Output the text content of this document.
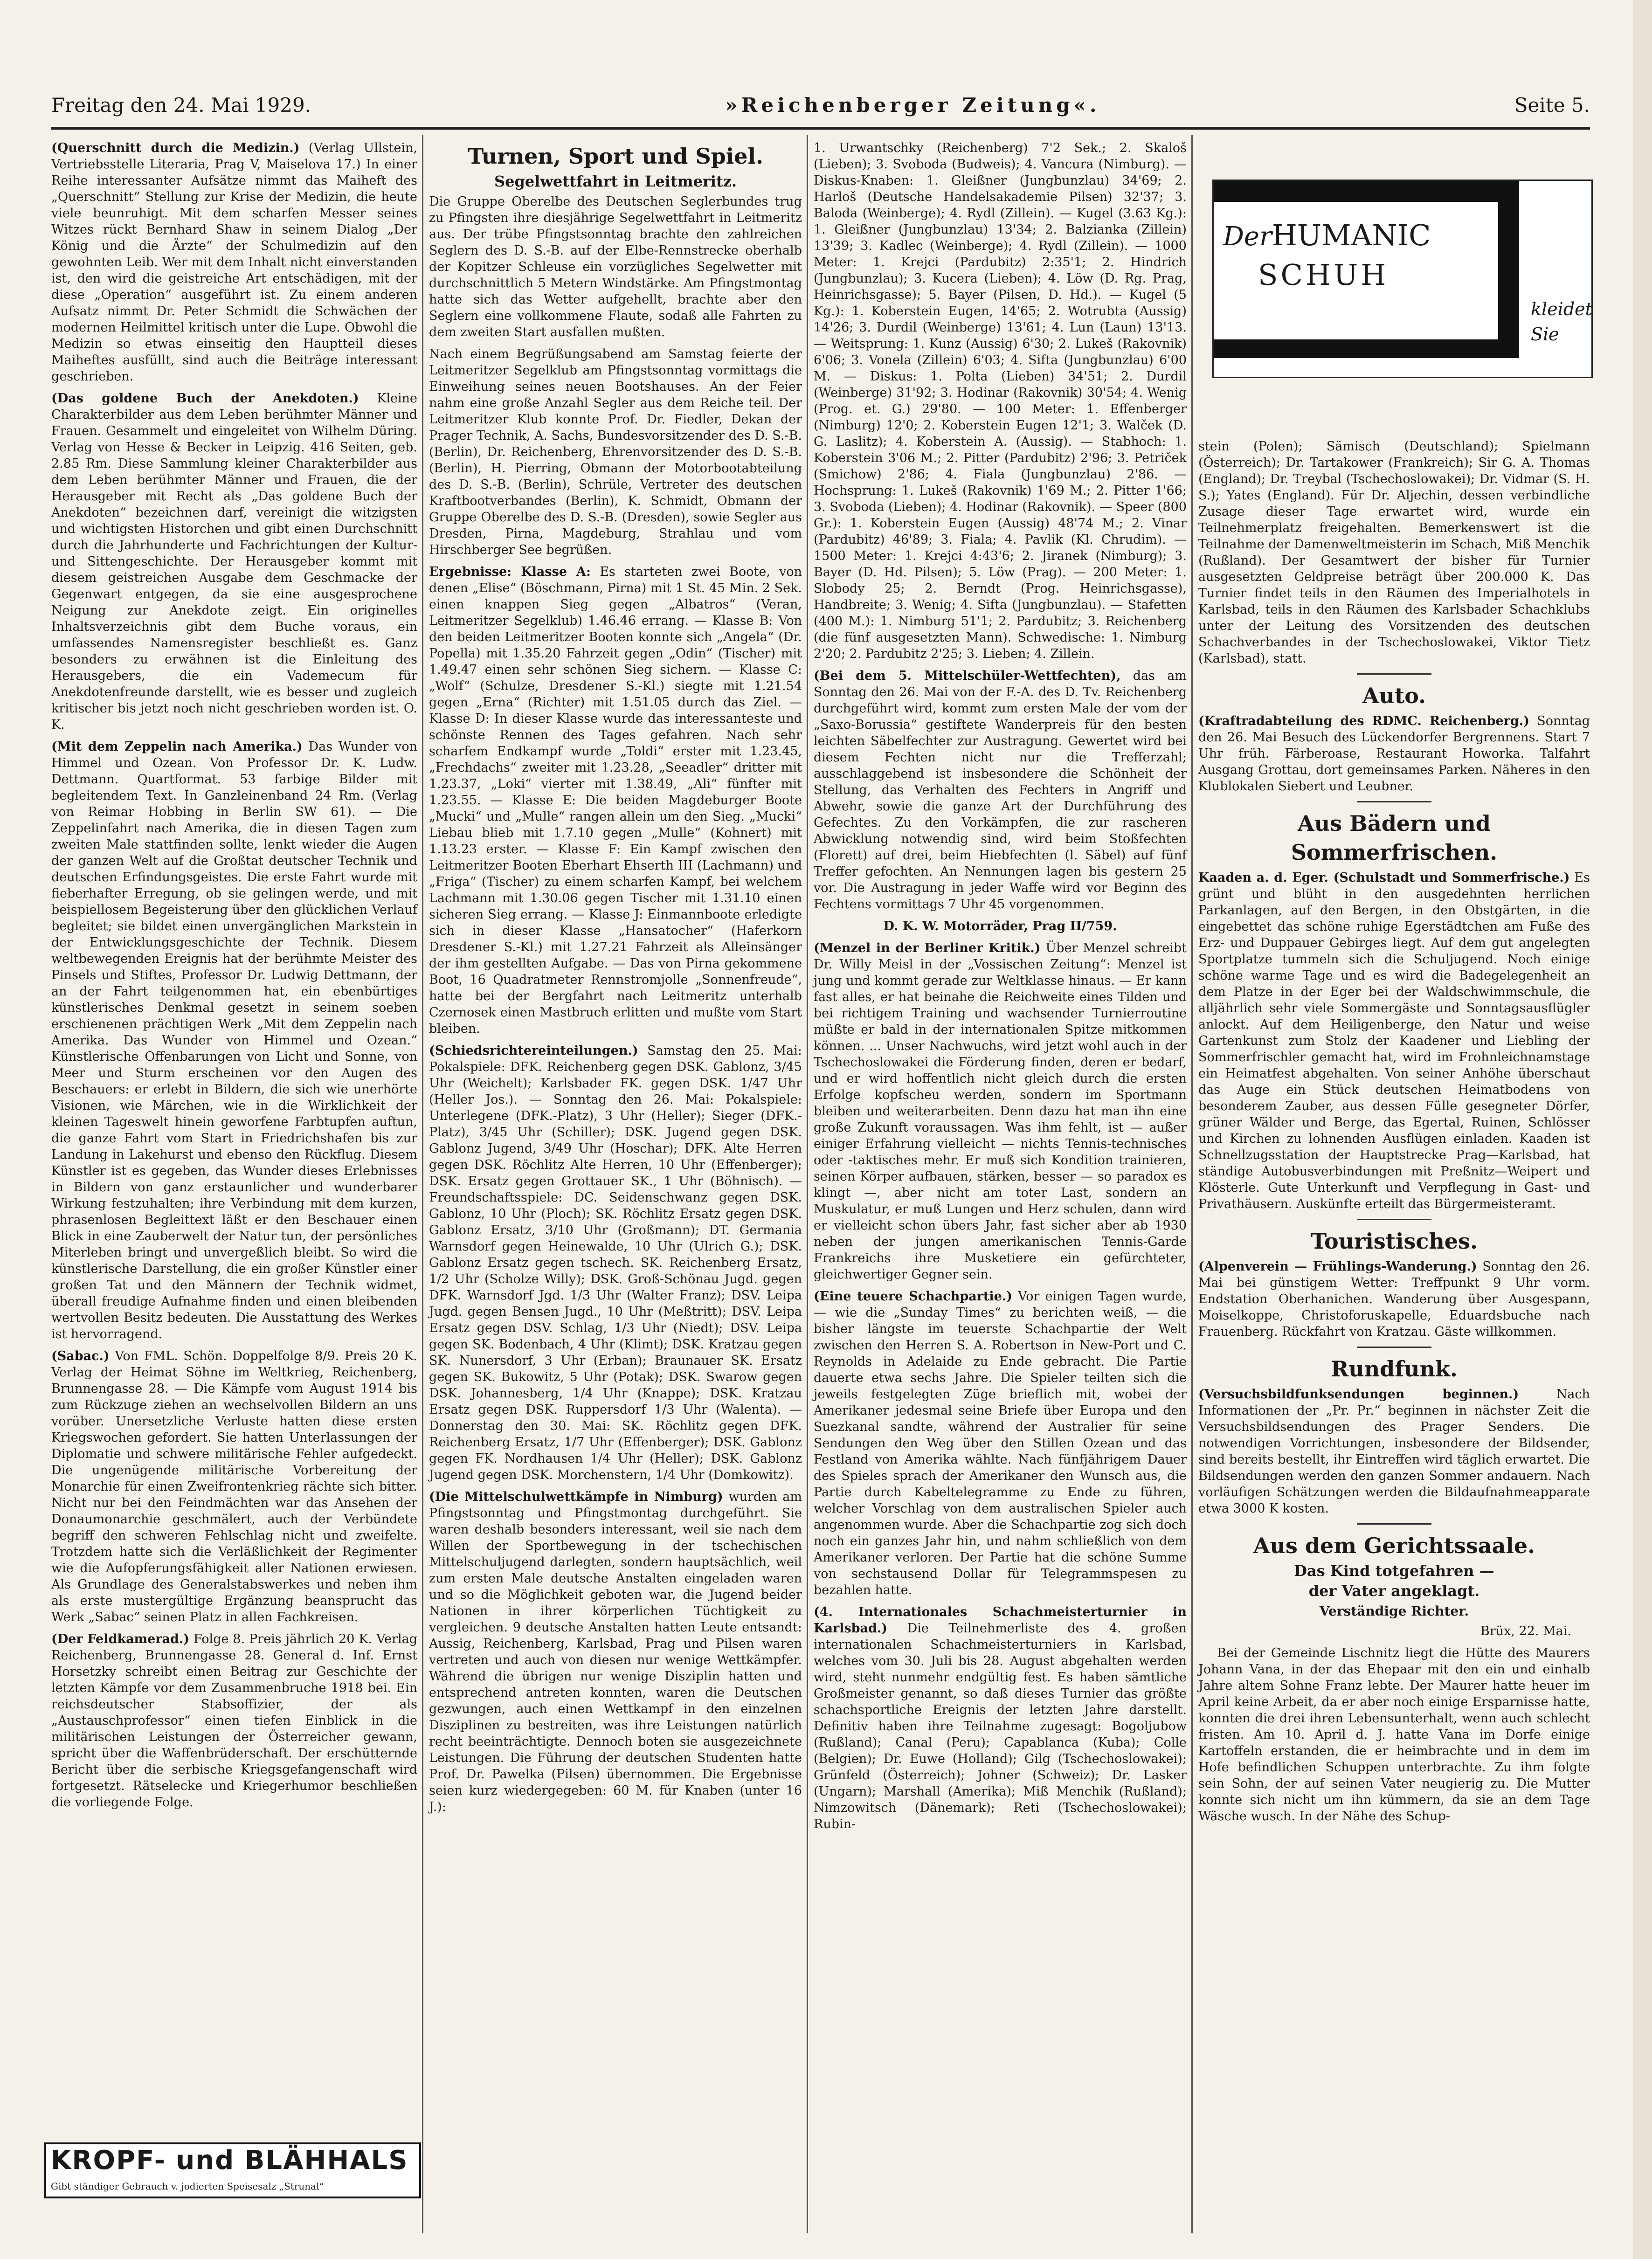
Freitag den 24. Mai 1929.	»Reichenberger Zeitung«.	Seite 5.
(Querschnitt durch die Medizin.) (Verlag Ullstein, Vertriebsstelle Literaria, Prag V, Maiselova 17.) In einer Reihe interessanter Aufsätze nimmt das Maiheft des „Querschnitt“ Stellung zur Krise der Medizin, die heute viele beunruhigt. Mit dem scharfen Messer seines Witzes rückt Bernhard Shaw in seinem Dialog „Der König und die Ärzte“ der Schulmedizin auf den gewohnten Leib. Wer mit dem Inhalt nicht einverstanden ist, den wird die geistreiche Art entschädigen, mit der diese „Operation“ ausgeführt ist. Zu einem anderen Aufsatz nimmt Dr. Peter Schmidt die Schwächen der modernen Heilmittel kritisch unter die Lupe. Obwohl die Medizin so etwas einseitig den Hauptteil dieses Maiheftes ausfüllt, sind auch die Beiträge interessant geschrieben.
(Das goldene Buch der Anekdoten.) Kleine Charakterbilder aus dem Leben berühmter Männer und Frauen. Gesammelt und eingeleitet von Wilhelm Düring. Verlag von Hesse & Becker in Leipzig. 416 Seiten, geb. 2.85 Rm. Diese Sammlung kleiner Charakterbilder aus dem Leben berühmter Männer und Frauen, die der Herausgeber mit Recht als „Das goldene Buch der Anekdoten“ bezeichnen darf, vereinigt die witzigsten und wichtigsten Historchen und gibt einen Durchschnitt durch die Jahrhunderte und Fachrichtungen der Kultur- und Sittengeschichte. Der Herausgeber kommt mit diesem geistreichen Ausgabe dem Geschmacke der Gegenwart entgegen, da sie eine ausgesprochene Neigung zur Anekdote zeigt. Ein originelles Inhaltsverzeichnis gibt dem Buche voraus, ein umfassendes Namensregister beschließt es. Ganz besonders zu erwähnen ist die Einleitung des Herausgebers, die ein Vademecum für Anekdotenfreunde darstellt, wie es besser und zugleich kritischer bis jetzt noch nicht geschrieben worden ist. O. K.
(Mit dem Zeppelin nach Amerika.) Das Wunder von Himmel und Ozean. Von Professor Dr. K. Ludw. Dettmann. Quartformat. 53 farbige Bilder mit begleitendem Text. In Ganzleinenband 24 Rm. (Verlag von Reimar Hobbing in Berlin SW 61). — Die Zeppelinfahrt nach Amerika, die in diesen Tagen zum zweiten Male stattfinden sollte, lenkt wieder die Augen der ganzen Welt auf die Großtat deutscher Technik und deutschen Erfindungsgeistes. Die erste Fahrt wurde mit fieberhafter Erregung, ob sie gelingen werde, und mit beispiellosem Begeisterung über den glücklichen Verlauf begleitet; sie bildet einen unvergänglichen Markstein in der Entwicklungsgeschichte der Technik. Diesem weltbewegenden Ereignis hat der berühmte Meister des Pinsels und Stiftes, Professor Dr. Ludwig Dettmann, der an der Fahrt teilgenommen hat, ein ebenbürtiges künstlerisches Denkmal gesetzt in seinem soeben erschienenen prächtigen Werk „Mit dem Zeppelin nach Amerika. Das Wunder von Himmel und Ozean.“ Künstlerische Offenbarungen von Licht und Sonne, von Meer und Sturm erscheinen vor den Augen des Beschauers: er erlebt in Bildern, die sich wie unerhörte Visionen, wie Märchen, wie in die Wirklichkeit der kleinen Tageswelt hinein geworfene Farbtupfen auftun, die ganze Fahrt vom Start in Friedrichshafen bis zur Landung in Lakehurst und ebenso den Rückflug. Diesem Künstler ist es gegeben, das Wunder dieses Erlebnisses in Bildern von ganz erstaunlicher und wunderbarer Wirkung festzuhalten; ihre Verbindung mit dem kurzen, phrasenlosen Begleittext läßt er den Beschauer einen Blick in eine Zauberwelt der Natur tun, der persönliches Miterleben bringt und unvergeßlich bleibt. So wird die künstlerische Darstellung, die ein großer Künstler einer großen Tat und den Männern der Technik widmet, überall freudige Aufnahme finden und einen bleibenden wertvollen Besitz bedeuten. Die Ausstattung des Werkes ist hervorragend.
(Sabac.) Von FML. Schön. Doppelfolge 8/9. Preis 20 K. Verlag der Heimat Söhne im Weltkrieg, Reichenberg, Brunnengasse 28. — Die Kämpfe vom August 1914 bis zum Rückzuge ziehen an wechselvollen Bildern an uns vorüber. Unersetzliche Verluste hatten diese ersten Kriegswochen gefordert. Sie hatten Unterlassungen der Diplomatie und schwere militärische Fehler aufgedeckt. Die ungenügende militärische Vorbereitung der Monarchie für einen Zweifrontenkrieg rächte sich bitter. Nicht nur bei den Feindmächten war das Ansehen der Donaumonarchie geschmälert, auch der Verbündete begriff den schweren Fehlschlag nicht und zweifelte. Trotzdem hatte sich die Verläßlichkeit der Regimenter wie die Aufopferungsfähigkeit aller Nationen erwiesen. Als Grundlage des Generalstabswerkes und neben ihm als erste mustergültige Ergänzung beansprucht das Werk „Sabac“ seinen Platz in allen Fachkreisen.
(Der Feldkamerad.) Folge 8. Preis jährlich 20 K. Verlag Reichenberg, Brunnengasse 28. General d. Inf. Ernst Horsetzky schreibt einen Beitrag zur Geschichte der letzten Kämpfe vor dem Zusammenbruche 1918 bei. Ein reichsdeutscher Stabsoffizier, der als „Austauschprofessor“ einen tiefen Einblick in die militärischen Leistungen der Österreicher gewann, spricht über die Waffenbrüderschaft. Der erschütternde Bericht über die serbische Kriegsgefangenschaft wird fortgesetzt. Rätselecke und Kriegerhumor beschließen die vorliegende Folge.
Turnen, Sport und Spiel.
Segelwettfahrt in Leitmeritz.
Die Gruppe Oberelbe des Deutschen Seglerbundes trug zu Pfingsten ihre diesjährige Segelwettfahrt in Leitmeritz aus. Der trübe Pfingstsonntag brachte den zahlreichen Seglern des D. S.-B. auf der Elbe-Rennstrecke oberhalb der Kopitzer Schleuse ein vorzügliches Segelwetter mit durchschnittlich 5 Metern Windstärke. Am Pfingstmontag hatte sich das Wetter aufgehellt, brachte aber den Seglern eine vollkommene Flaute, sodaß alle Fahrten zu dem zweiten Start ausfallen mußten.
Nach einem Begrüßungsabend am Samstag feierte der Leitmeritzer Segelklub am Pfingstsonntag vormittags die Einweihung seines neuen Bootshauses. An der Feier nahm eine große Anzahl Segler aus dem Reiche teil. Der Leitmeritzer Klub konnte Prof. Dr. Fiedler, Dekan der Prager Technik, A. Sachs, Bundesvorsitzender des D. S.-B. (Berlin), Dr. Reichenberg, Ehrenvorsitzender des D. S.-B. (Berlin), H. Pierring, Obmann der Motorbootabteilung des D. S.-B. (Berlin), Schrüle, Vertreter des deutschen Kraftbootverbandes (Berlin), K. Schmidt, Obmann der Gruppe Oberelbe des D. S.-B. (Dresden), sowie Segler aus Dresden, Pirna, Magdeburg, Strahlau und vom Hirschberger See begrüßen.
Ergebnisse: Klasse A: Es starteten zwei Boote, von denen „Elise“ (Böschmann, Pirna) mit 1 St. 45 Min. 2 Sek. einen knappen Sieg gegen „Albatros“ (Veran, Leitmeritzer Segelklub) 1.46.46 errang. — Klasse B: Von den beiden Leitmeritzer Booten konnte sich „Angela“ (Dr. Popella) mit 1.35.20 Fahrzeit gegen „Odin“ (Tischer) mit 1.49.47 einen sehr schönen Sieg sichern. — Klasse C: „Wolf“ (Schulze, Dresdener S.-Kl.) siegte mit 1.21.54 gegen „Erna“ (Richter) mit 1.51.05 durch das Ziel. — Klasse D: In dieser Klasse wurde das interessanteste und schönste Rennen des Tages gefahren. Nach sehr scharfem Endkampf wurde „Toldi“ erster mit 1.23.45, „Frechdachs“ zweiter mit 1.23.28, „Seeadler“ dritter mit 1.23.37, „Loki“ vierter mit 1.38.49, „Ali“ fünfter mit 1.23.55. — Klasse E: Die beiden Magdeburger Boote „Mucki“ und „Mulle“ rangen allein um den Sieg. „Mucki“ Liebau blieb mit 1.7.10 gegen „Mulle“ (Kohnert) mit 1.13.23 erster. — Klasse F: Ein Kampf zwischen den Leitmeritzer Booten Eberhart Ehserth III (Lachmann) und „Friga“ (Tischer) zu einem scharfen Kampf, bei welchem Lachmann mit 1.30.06 gegen Tischer mit 1.31.10 einen sicheren Sieg errang. — Klasse J: Einmannboote erledigte sich in dieser Klasse „Hansatocher“ (Haferkorn Dresdener S.-Kl.) mit 1.27.21 Fahrzeit als Alleinsänger der ihm gestellten Aufgabe. — Das von Pirna gekommene Boot, 16 Quadratmeter Rennstromjolle „Sonnenfreude“, hatte bei der Bergfahrt nach Leitmeritz unterhalb Czernosek einen Mastbruch erlitten und mußte vom Start bleiben.
(Schiedsrichtereinteilungen.) Samstag den 25. Mai: Pokalspiele: DFK. Reichenberg gegen DSK. Gablonz, 3/45 Uhr (Weichelt); Karlsbader FK. gegen DSK. 1/47 Uhr (Heller Jos.). — Sonntag den 26. Mai: Pokalspiele: Unterlegene (DFK.-Platz), 3 Uhr (Heller); Sieger (DFK.-Platz), 3/45 Uhr (Schiller); DSK. Jugend gegen DSK. Gablonz Jugend, 3/49 Uhr (Hoschar); DFK. Alte Herren gegen DSK. Röchlitz Alte Herren, 10 Uhr (Effenberger); DSK. Ersatz gegen Grottauer SK., 1 Uhr (Böhnisch). — Freundschaftsspiele: DC. Seidenschwanz gegen DSK. Gablonz, 10 Uhr (Ploch); SK. Röchlitz Ersatz gegen DSK. Gablonz Ersatz, 3/10 Uhr (Großmann); DT. Germania Warnsdorf gegen Heinewalde, 10 Uhr (Ulrich G.); DSK. Gablonz Ersatz gegen tschech. SK. Reichenberg Ersatz, 1/2 Uhr (Scholze Willy); DSK. Groß-Schönau Jugd. gegen DFK. Warnsdorf Jgd. 1/3 Uhr (Walter Franz); DSV. Leipa Jugd. gegen Bensen Jugd., 10 Uhr (Meßtritt); DSV. Leipa Ersatz gegen DSV. Schlag, 1/3 Uhr (Niedt); DSV. Leipa gegen SK. Bodenbach, 4 Uhr (Klimt); DSK. Kratzau gegen SK. Nunersdorf, 3 Uhr (Erban); Braunauer SK. Ersatz gegen SK. Bukowitz, 5 Uhr (Potak); DSK. Swarow gegen DSK. Johannesberg, 1/4 Uhr (Knappe); DSK. Kratzau Ersatz gegen DSK. Ruppersdorf 1/3 Uhr (Walenta). — Donnerstag den 30. Mai: SK. Röchlitz gegen DFK. Reichenberg Ersatz, 1/7 Uhr (Effenberger); DSK. Gablonz gegen FK. Nordhausen 1/4 Uhr (Heller); DSK. Gablonz Jugend gegen DSK. Morchenstern, 1/4 Uhr (Domkowitz).
(Die Mittelschulwettkämpfe in Nimburg) wurden am Pfingstsonntag und Pfingstmontag durchgeführt. Sie waren deshalb besonders interessant, weil sie nach dem Willen der Sportbewegung in der tschechischen Mittelschuljugend darlegten, sondern hauptsächlich, weil zum ersten Male deutsche Anstalten eingeladen waren und so die Möglichkeit geboten war, die Jugend beider Nationen in ihrer körperlichen Tüchtigkeit zu vergleichen. 9 deutsche Anstalten hatten Leute entsandt: Aussig, Reichenberg, Karlsbad, Prag und Pilsen waren vertreten und auch von diesen nur wenige Wettkämpfer. Während die übrigen nur wenige Disziplin hatten und entsprechend antreten konnten, waren die Deutschen gezwungen, auch einen Wettkampf in den einzelnen Disziplinen zu bestreiten, was ihre Leistungen natürlich recht beeinträchtigte. Dennoch boten sie ausgezeichnete Leistungen. Die Führung der deutschen Studenten hatte Prof. Dr. Pawelka (Pilsen) übernommen. Die Ergebnisse seien kurz wiedergegeben: 60 M. für Knaben (unter 16 J.):
1. Urwantschky (Reichenberg) 7'2 Sek.; 2. Skaloš (Lieben); 3. Svoboda (Budweis); 4. Vancura (Nimburg). — Diskus-Knaben: 1. Gleißner (Jungbunzlau) 34'69; 2. Harloš (Deutsche Handelsakademie Pilsen) 32'37; 3. Baloda (Weinberge); 4. Rydl (Zillein). — Kugel (3.63 Kg.): 1. Gleißner (Jungbunzlau) 13'34; 2. Balzianka (Zillein) 13'39; 3. Kadlec (Weinberge); 4. Rydl (Zillein). — 1000 Meter: 1. Krejci (Pardubitz) 2:35'1; 2. Hindrich (Jungbunzlau); 3. Kucera (Lieben); 4. Löw (D. Rg. Prag, Heinrichsgasse); 5. Bayer (Pilsen, D. Hd.). — Kugel (5 Kg.): 1. Koberstein Eugen, 14'65; 2. Wotrubta (Aussig) 14'26; 3. Durdil (Weinberge) 13'61; 4. Lun (Laun) 13'13. — Weitsprung: 1. Kunz (Aussig) 6'30; 2. Lukeš (Rakovnik) 6'06; 3. Vonela (Zillein) 6'03; 4. Sifta (Jungbunzlau) 6'00 M. — Diskus: 1. Polta (Lieben) 34'51; 2. Durdil (Weinberge) 31'92; 3. Hodinar (Rakovnik) 30'54; 4. Wenig (Prog. et. G.) 29'80. — 100 Meter: 1. Effenberger (Nimburg) 12'0; 2. Koberstein Eugen 12'1; 3. Walček (D. G. Laslitz); 4. Koberstein A. (Aussig). — Stabhoch: 1. Koberstein 3'06 M.; 2. Pitter (Pardubitz) 2'96; 3. Petriček (Smichow) 2'86; 4. Fiala (Jungbunzlau) 2'86. — Hochsprung: 1. Lukeš (Rakovnik) 1'69 M.; 2. Pitter 1'66; 3. Svoboda (Lieben); 4. Hodinar (Rakovnik). — Speer (800 Gr.): 1. Koberstein Eugen (Aussig) 48'74 M.; 2. Vinar (Pardubitz) 46'89; 3. Fiala; 4. Pavlik (Kl. Chrudim). — 1500 Meter: 1. Krejci 4:43'6; 2. Jiranek (Nimburg); 3. Bayer (D. Hd. Pilsen); 5. Löw (Prag). — 200 Meter: 1. Slobody 25; 2. Berndt (Prog. Heinrichsgasse), Handbreite; 3. Wenig; 4. Sifta (Jungbunzlau). — Stafetten (400 M.): 1. Nimburg 51'1; 2. Pardubitz; 3. Reichenberg (die fünf ausgesetzten Mann). Schwedische: 1. Nimburg 2'20; 2. Pardubitz 2'25; 3. Lieben; 4. Zillein.
(Bei dem 5. Mittelschüler-Wettfechten), das am Sonntag den 26. Mai von der F.-A. des D. Tv. Reichenberg durchgeführt wird, kommt zum ersten Male der vom der „Saxo-Borussia“ gestiftete Wanderpreis für den besten leichten Säbelfechter zur Austragung. Gewertet wird bei diesem Fechten nicht nur die Trefferzahl; ausschlaggebend ist insbesondere die Schönheit der Stellung, das Verhalten des Fechters in Angriff und Abwehr, sowie die ganze Art der Durchführung des Gefechtes. Zu den Vorkämpfen, die zur rascheren Abwicklung notwendig sind, wird beim Stoßfechten (Florett) auf drei, beim Hiebfechten (l. Säbel) auf fünf Treffer gefochten. An Nennungen lagen bis gestern 25 vor. Die Austragung in jeder Waffe wird vor Beginn des Fechtens vormittags 7 Uhr 45 vorgenommen.
D. K. W. Motorräder, Prag II/759.
(Menzel in der Berliner Kritik.) Über Menzel schreibt Dr. Willy Meisl in der „Vossischen Zeitung“: Menzel ist jung und kommt gerade zur Weltklasse hinaus. — Er kann fast alles, er hat beinahe die Reichweite eines Tilden und bei richtigem Training und wachsender Turnierroutine müßte er bald in der internationalen Spitze mitkommen können. ... Unser Nachwuchs, wird jetzt wohl auch in der Tschechoslowakei die Förderung finden, deren er bedarf, und er wird hoffentlich nicht gleich durch die ersten Erfolge kopfscheu werden, sondern im Sportmann bleiben und weiterarbeiten. Denn dazu hat man ihn eine große Zukunft voraussagen. Was ihm fehlt, ist — außer einiger Erfahrung vielleicht — nichts Tennis-technisches oder -taktisches mehr. Er muß sich Kondition trainieren, seinen Körper aufbauen, stärken, besser — so paradox es klingt —, aber nicht am toter Last, sondern an Muskulatur, er muß Lungen und Herz schulen, dann wird er vielleicht schon übers Jahr, fast sicher aber ab 1930 neben der jungen amerikanischen Tennis-Garde Frankreichs ihre Musketiere ein gefürchteter, gleichwertiger Gegner sein.
(Eine teuere Schachpartie.) Vor einigen Tagen wurde, — wie die „Sunday Times“ zu berichten weiß, — die bisher längste im teuerste Schachpartie der Welt zwischen den Herren S. A. Robertson in New-Port und C. Reynolds in Adelaide zu Ende gebracht. Die Partie dauerte etwa sechs Jahre. Die Spieler teilten sich die jeweils festgelegten Züge brieflich mit, wobei der Amerikaner jedesmal seine Briefe über Europa und den Suezkanal sandte, während der Australier für seine Sendungen den Weg über den Stillen Ozean und das Festland von Amerika wählte. Nach fünfjährigem Dauer des Spieles sprach der Amerikaner den Wunsch aus, die Partie durch Kabeltelegramme zu Ende zu führen, welcher Vorschlag von dem australischen Spieler auch angenommen wurde. Aber die Schachpartie zog sich doch noch ein ganzes Jahr hin, und nahm schließlich von dem Amerikaner verloren. Der Partie hat die schöne Summe von sechstausend Dollar für Telegrammspesen zu bezahlen hatte.
(4. Internationales Schachmeisterturnier in Karlsbad.) Die Teilnehmerliste des 4. großen internationalen Schachmeisterturniers in Karlsbad, welches vom 30. Juli bis 28. August abgehalten werden wird, steht nunmehr endgültig fest. Es haben sämtliche Großmeister genannt, so daß dieses Turnier das größte schachsportliche Ereignis der letzten Jahre darstellt. Definitiv haben ihre Teilnahme zugesagt: Bogoljubow (Rußland); Canal (Peru); Capablanca (Kuba); Colle (Belgien); Dr. Euwe (Holland); Gilg (Tschechoslowakei); Grünfeld (Österreich); Johner (Schweiz); Dr. Lasker (Ungarn); Marshall (Amerika); Miß Menchik (Rußland); Nimzowitsch (Dänemark); Reti (Tschechoslowakei); Rubin-
DerHUMANIC
SCHUH
kleidet Sie
stein (Polen); Sämisch (Deutschland); Spielmann (Österreich); Dr. Tartakower (Frankreich); Sir G. A. Thomas (England); Dr. Treybal (Tschechoslowakei); Dr. Vidmar (S. H. S.); Yates (England). Für Dr. Aljechin, dessen verbindliche Zusage dieser Tage erwartet wird, wurde ein Teilnehmerplatz freigehalten. Bemerkenswert ist die Teilnahme der Damenweltmeisterin im Schach, Miß Menchik (Rußland). Der Gesamtwert der bisher für Turnier ausgesetzten Geldpreise beträgt über 200.000 K. Das Turnier findet teils in den Räumen des Imperialhotels in Karlsbad, teils in den Räumen des Karlsbader Schachklubs unter der Leitung des Vorsitzenden des deutschen Schachverbandes in der Tschechoslowakei, Viktor Tietz (Karlsbad), statt.
Auto.
(Kraftradabteilung des RDMC. Reichenberg.) Sonntag den 26. Mai Besuch des Lückendorfer Bergrennens. Start 7 Uhr früh. Färberoase, Restaurant Howorka. Talfahrt Ausgang Grottau, dort gemeinsames Parken. Näheres in den Klublokalen Siebert und Leubner.
Aus Bädern und Sommerfrischen.
Kaaden a. d. Eger. (Schulstadt und Sommerfrische.) Es grünt und blüht in den ausgedehnten herrlichen Parkanlagen, auf den Bergen, in den Obstgärten, in die eingebettet das schöne ruhige Egerstädtchen am Fuße des Erz- und Duppauer Gebirges liegt. Auf dem gut angelegten Sportplatze tummeln sich die Schuljugend. Noch einige schöne warme Tage und es wird die Badegelegenheit an dem Platze in der Eger bei der Waldschwimmschule, die alljährlich sehr viele Sommergäste und Sonntagsausflügler anlockt. Auf dem Heiligenberge, den Natur und weise Gartenkunst zum Stolz der Kaadener und Liebling der Sommerfrischler gemacht hat, wird im Frohnleichnamstage ein Heimatfest abgehalten. Von seiner Anhöhe überschaut das Auge ein Stück deutschen Heimatbodens von besonderem Zauber, aus dessen Fülle gesegneter Dörfer, grüner Wälder und Berge, das Egertal, Ruinen, Schlösser und Kirchen zu lohnenden Ausflügen einladen. Kaaden ist Schnellzugsstation der Hauptstrecke Prag—Karlsbad, hat ständige Autobusverbindungen mit Preßnitz—Weipert und Klösterle. Gute Unterkunft und Verpflegung in Gast- und Privathäusern. Auskünfte erteilt das Bürgermeisteramt.
Touristisches.
(Alpenverein — Frühlings-Wanderung.) Sonntag den 26. Mai bei günstigem Wetter: Treffpunkt 9 Uhr vorm. Endstation Oberhanichen. Wanderung über Ausgespann, Moiselkoppe, Christoforuskapelle, Eduardsbuche nach Frauenberg. Rückfahrt von Kratzau. Gäste willkommen.
Rundfunk.
(Versuchsbildfunksendungen beginnen.)	Nach Informationen der „Pr. Pr.“ beginnen in nächster Zeit die Versuchsbildsendungen des Prager Senders. Die notwendigen Vorrichtungen, insbesondere der Bildsender, sind bereits bestellt, ihr Eintreffen wird täglich erwartet. Die Bildsendungen werden den ganzen Sommer andauern. Nach vorläufigen Schätzungen werden die Bildaufnahmeapparate etwa 3000 K kosten.
Aus dem Gerichtssaale.
Das Kind totgefahren —
der Vater angeklagt.
Verständige Richter.
Brüx, 22. Mai.
Bei der Gemeinde Lischnitz liegt die Hütte des Maurers Johann Vana, in der das Ehepaar mit den ein und einhalb Jahre altem Sohne Franz lebte. Der Maurer hatte heuer im April keine Arbeit, da er aber noch einige Ersparnisse hatte, konnten die drei ihren Lebensunterhalt, wenn auch schlecht fristen. Am 10. April d. J. hatte Vana im Dorfe einige Kartoffeln erstanden, die er heimbrachte und in dem im Hofe befindlichen Schuppen unterbrachte. Zu ihm folgte sein Sohn, der auf seinen Vater neugierig zu. Die Mutter konnte sich nicht um ihn kümmern, da sie an dem Tage Wäsche wusch. In der Nähe des Schup-
KROPF- und BLÄHHALS
Gibt ständiger Gebrauch v. jodierten Speisesalz „Strunal“
